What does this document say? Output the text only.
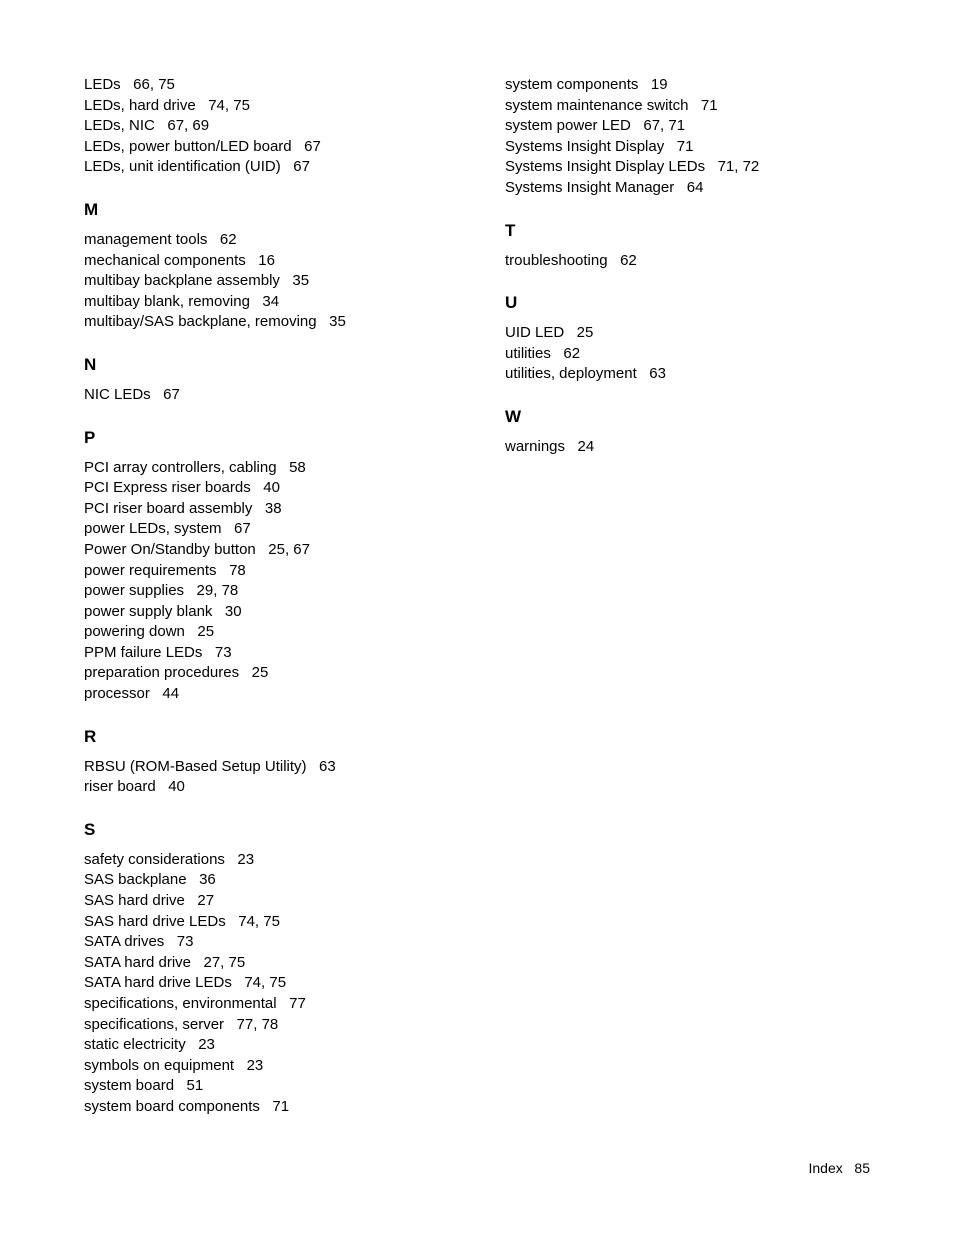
LEDs   66, 75
LEDs, hard drive   74, 75
LEDs, NIC   67, 69
LEDs, power button/LED board   67
LEDs, unit identification (UID)   67
M
management tools   62
mechanical components   16
multibay backplane assembly   35
multibay blank, removing   34
multibay/SAS backplane, removing   35
N
NIC LEDs   67
P
PCI array controllers, cabling   58
PCI Express riser boards   40
PCI riser board assembly   38
power LEDs, system   67
Power On/Standby button   25, 67
power requirements   78
power supplies   29, 78
power supply blank   30
powering down   25
PPM failure LEDs   73
preparation procedures   25
processor   44
R
RBSU (ROM-Based Setup Utility)   63
riser board   40
S
safety considerations   23
SAS backplane   36
SAS hard drive   27
SAS hard drive LEDs   74, 75
SATA drives   73
SATA hard drive   27, 75
SATA hard drive LEDs   74, 75
specifications, environmental   77
specifications, server   77, 78
static electricity   23
symbols on equipment   23
system board   51
system board components   71
system components   19
system maintenance switch   71
system power LED   67, 71
Systems Insight Display   71
Systems Insight Display LEDs   71, 72
Systems Insight Manager   64
T
troubleshooting   62
U
UID LED   25
utilities   62
utilities, deployment   63
W
warnings   24
Index   85
